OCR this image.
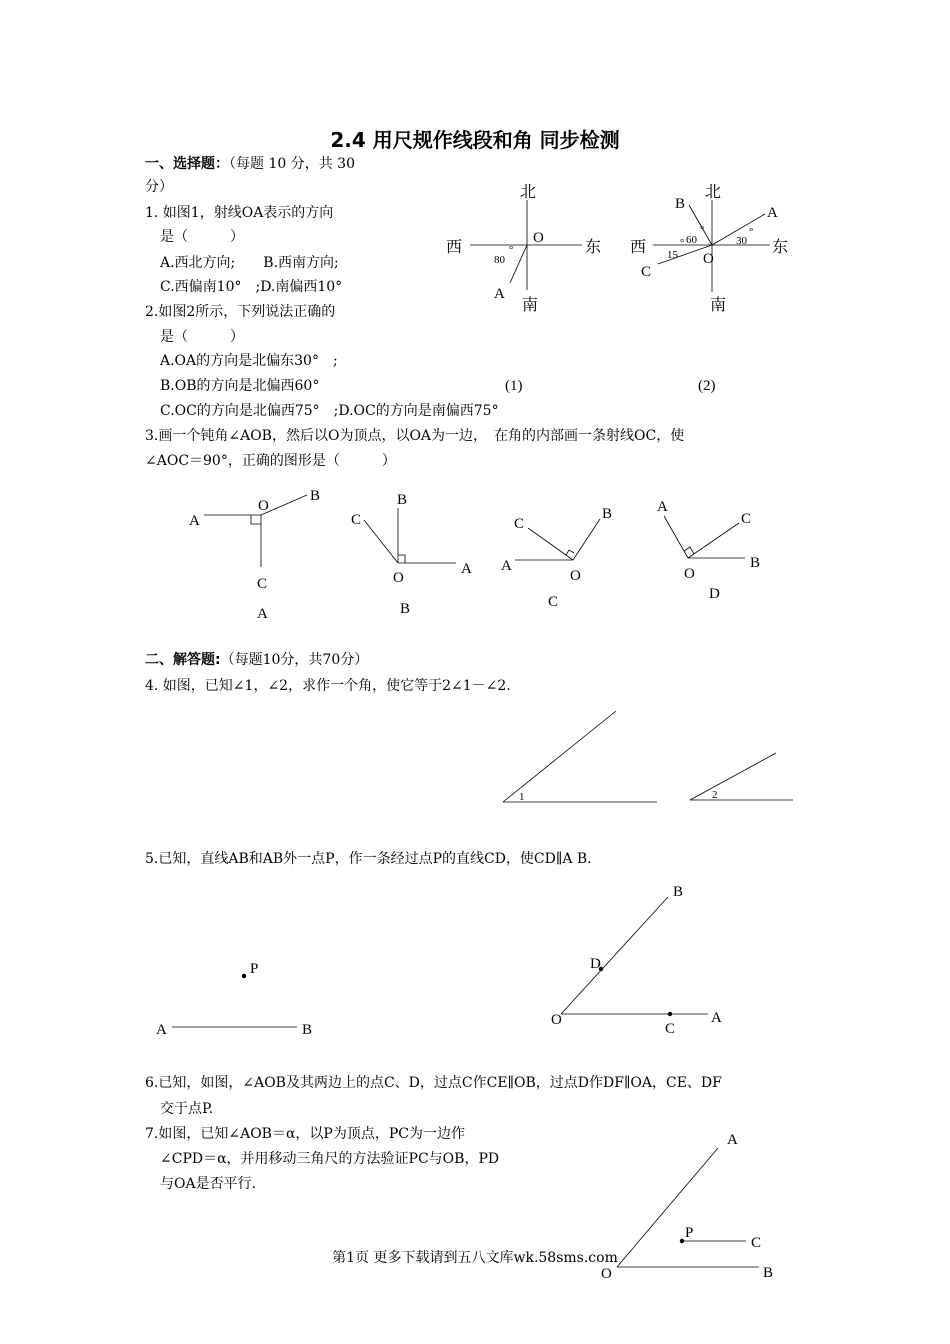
2.4 用尺规作线段和角 同步检测
一、选择题：（每题 10 分，共 30
分）
1. 如图1，射线OA表示的方向
是（　　　）
A.西北方向;　　B.西南方向;
C.西偏南10°　;D.南偏西10°
2.如图2所示，下列说法正确的
是（　　　）
A.OA的方向是北偏东30°　;
B.OB的方向是北偏西60°
C.OC的方向是北偏西75°　;D.OC的方向是南偏西75°
3.画一个钝角∠AOB，然后以O为顶点，以OA为一边，　在角的内部画一条射线OC，使
∠AOC＝90°，正确的图形是（　　　）
二、解答题:（每题10分，共70分）
4. 如图，已知∠1，∠2，求作一个角，使它等于2∠1－∠2.
5.已知，直线AB和AB外一点P，作一条经过点P的直线CD，使CD∥A B.
6.已知，如图，∠AOB及其两边上的点C、D，过点C作CE∥OB，过点D作DF∥OA，CE、DF
交于点P.
7.如图，已知∠AOB＝α，以P为顶点，PC为一边作
∠CPD＝α，并用移动三角尺的方法验证PC与OB，PD
与OA是否平行.
北
南
西	东
O
A
80
°
(1)
北
南
西	东
O
A
B
C
30
°
60
°
15
°
(2)
A
O
B
C
A
C
B
O
A
B
C
B
A
O
C
A
C
O
B
D
1	2
P
A	B
B
D
O
C
A
A
P
C
O	B
第1页 更多下载请到五八文库wk.58sms.com
